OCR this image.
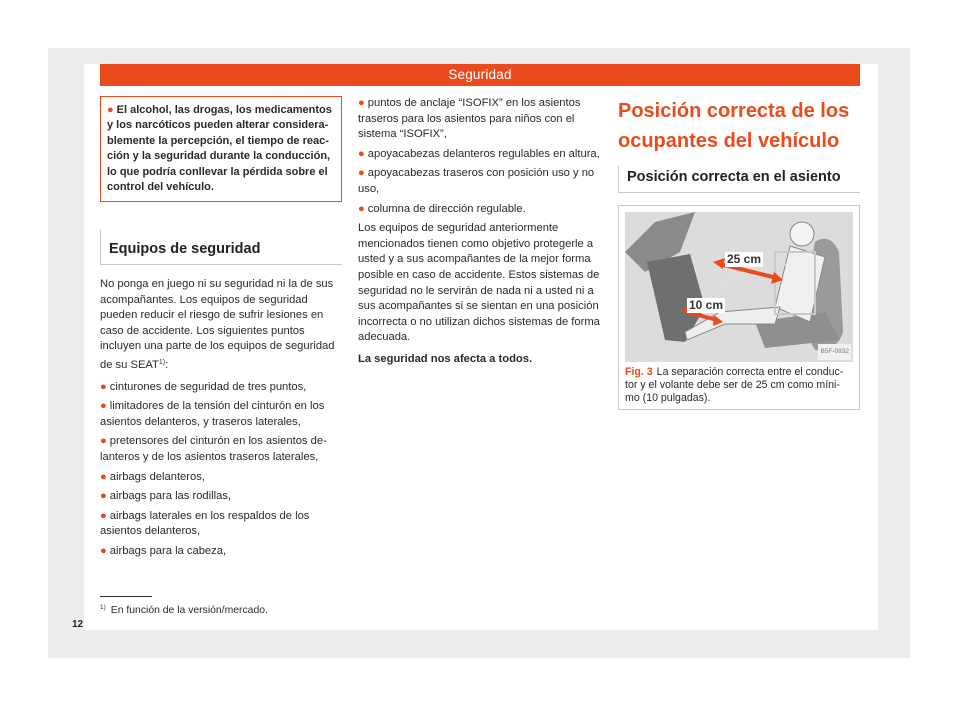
Seguridad
● El alcohol, las drogas, los medicamentos y los narcóticos pueden alterar considerablemente la percepción, el tiempo de reacción y la seguridad durante la conducción, lo que podría conllevar la pérdida sobre el control del vehículo.
Equipos de seguridad

No ponga en juego ni su seguridad ni la de sus acompañantes. Los equipos de seguridad pueden reducir el riesgo de sufrir lesiones en caso de accidente. Los siguientes puntos incluyen una parte de los equipos de seguridad de su SEAT$^{1)}$:

● cinturones de seguridad de tres puntos,
● limitadores de la tensión del cinturón en los asientos delanteros, y traseros laterales,
● pretensores del cinturón en los asientos delanteros y de los asientos traseros laterales,
● airbags delanteros,
● airbags para las rodillas,
● airbags laterales en los respaldos de los asientos delanteros,
● airbags para la cabeza,
● puntos de anclaje “ISOFIX” en los asientos traseros para los asientos para niños con el sistema “ISOFIX”,
● apoyacabezas delanteros regulables en altura,
● apoyacabezas traseros con posición uso y no uso,
● columna de dirección regulable.

Los equipos de seguridad anteriormente mencionados tienen como objetivo protegerle a usted y a sus acompañantes de la mejor forma posible en caso de accidente. Estos sistemas de seguridad no le servirán de nada ni a usted ni a sus acompañantes si se sientan en una posición incorrecta o no utilizan dichos sistemas de forma adecuada.

La seguridad nos afecta a todos.

Posición correcta de los ocupantes del vehículo
Posición correcta en el asiento
25 cm
10 cm
B5F-0932
Fig. 3 La separación correcta entre el conductor y el volante debe ser de 25 cm como mínimo (10 pulgadas).
$^{1)}$ En función de la versión/mercado.
12
